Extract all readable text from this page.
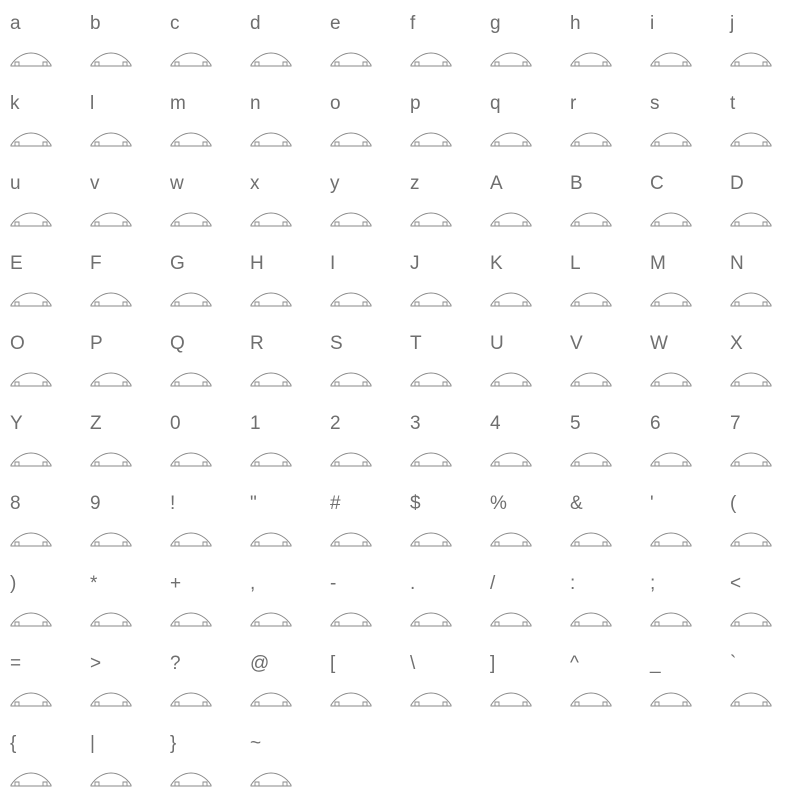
a	b	c	d	e	f	g	h	i	j
k	l	m	n	o	p	q	r	s	t
u	v	w	x	y	z	A	B	C	D
E	F	G	H	I	J	K	L	M	N
O	P	Q	R	S	T	U	V	W	X
Y	Z	0	1	2	3	4	5	6	7
8	9	!	"	#	$	%	&	'	(
)	*	+	,	-	.	/	:	;	<
=	>	?	@	[	\	]	^	_	`
{	|	}	~
